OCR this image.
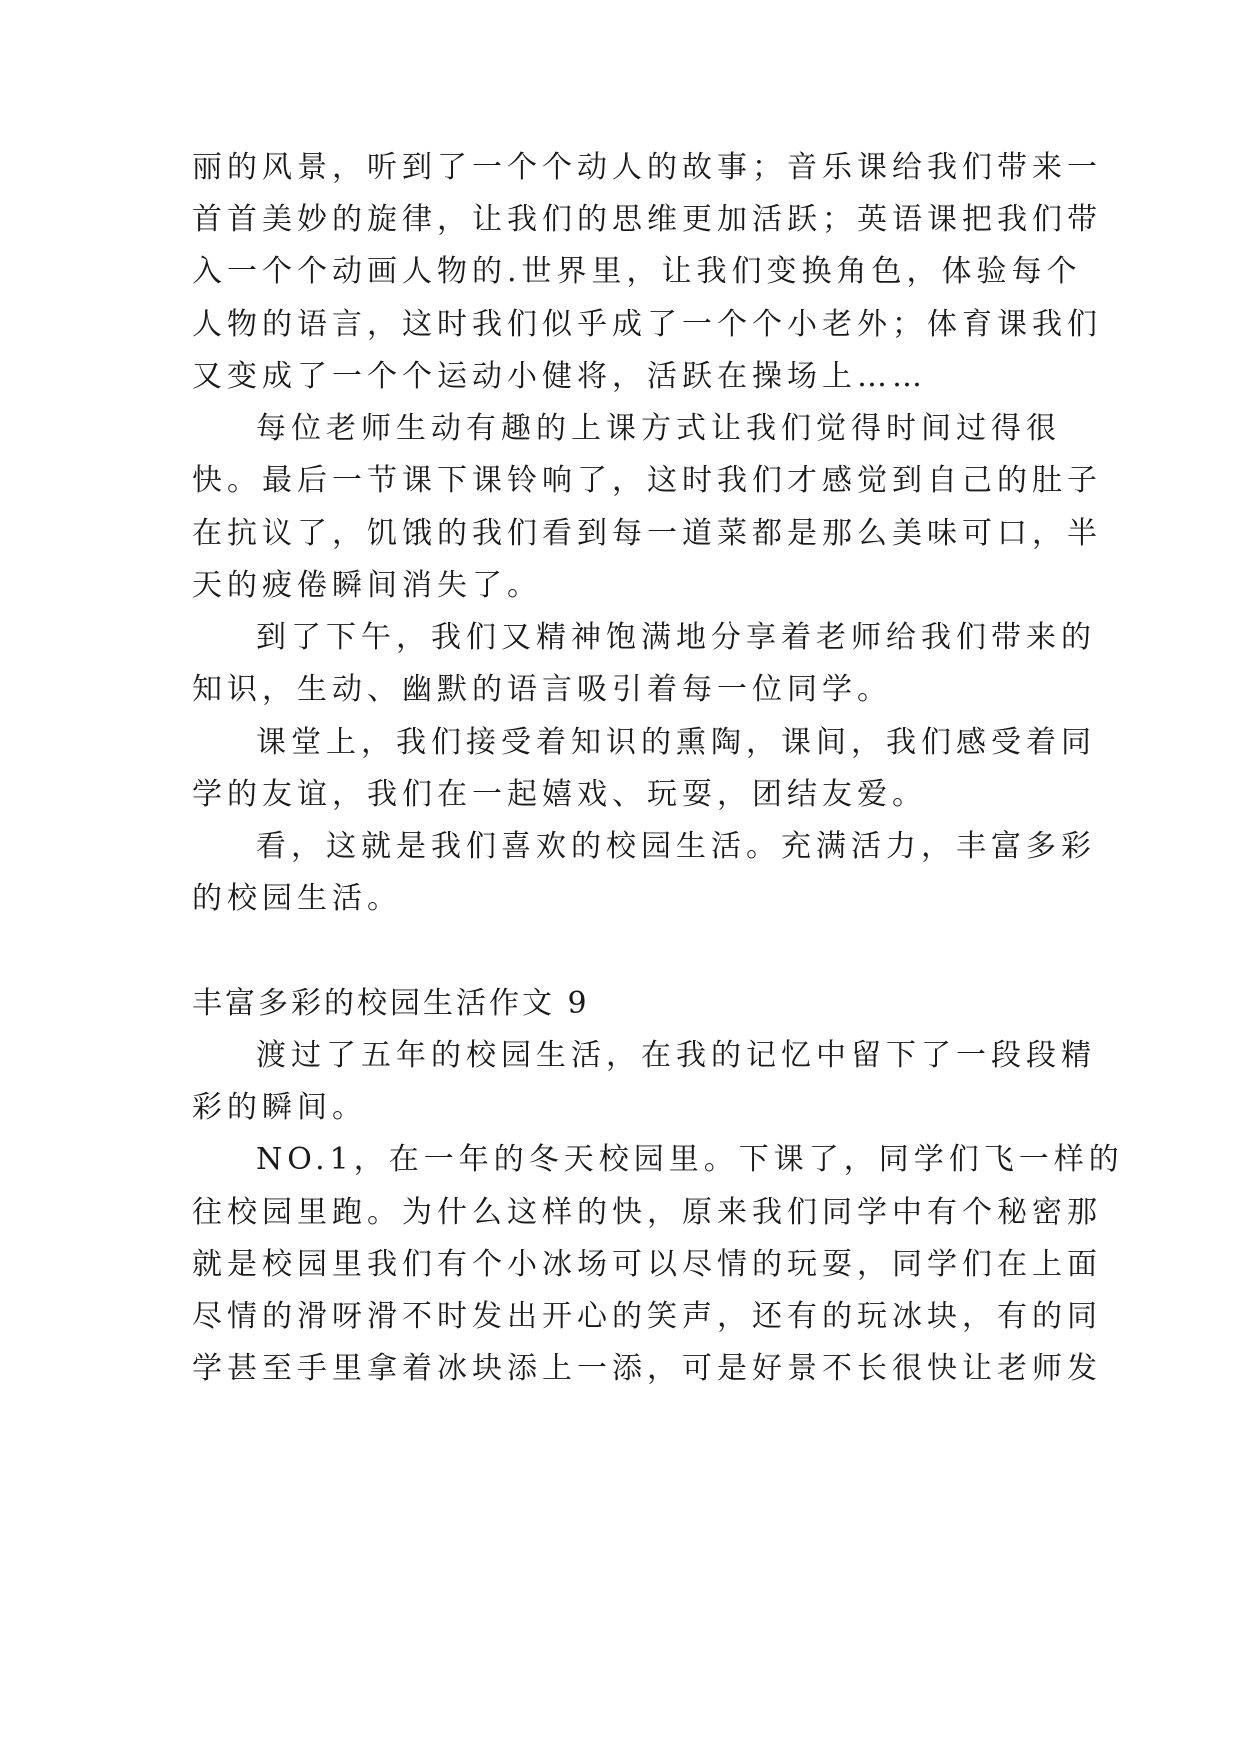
丽的风景，听到了一个个动人的故事；音乐课给我们带来一
首首美妙的旋律，让我们的思维更加活跃；英语课把我们带
入一个个动画人物的.世界里，让我们变换角色，体验每个
人物的语言，这时我们似乎成了一个个小老外；体育课我们
又变成了一个个运动小健将，活跃在操场上……
每位老师生动有趣的上课方式让我们觉得时间过得很
快。最后一节课下课铃响了，这时我们才感觉到自己的肚子
在抗议了，饥饿的我们看到每一道菜都是那么美味可口，半
天的疲倦瞬间消失了。
到了下午，我们又精神饱满地分享着老师给我们带来的
知识，生动、幽默的语言吸引着每一位同学。
课堂上，我们接受着知识的熏陶，课间，我们感受着同
学的友谊，我们在一起嬉戏、玩耍，团结友爱。
看，这就是我们喜欢的校园生活。充满活力，丰富多彩
的校园生活。
丰富多彩的校园生活作文 9
渡过了五年的校园生活，在我的记忆中留下了一段段精
彩的瞬间。
NO.1，在一年的冬天校园里。下课了，同学们飞一样的
往校园里跑。为什么这样的快，原来我们同学中有个秘密那
就是校园里我们有个小冰场可以尽情的玩耍，同学们在上面
尽情的滑呀滑不时发出开心的笑声，还有的玩冰块，有的同
学甚至手里拿着冰块添上一添，可是好景不长很快让老师发
